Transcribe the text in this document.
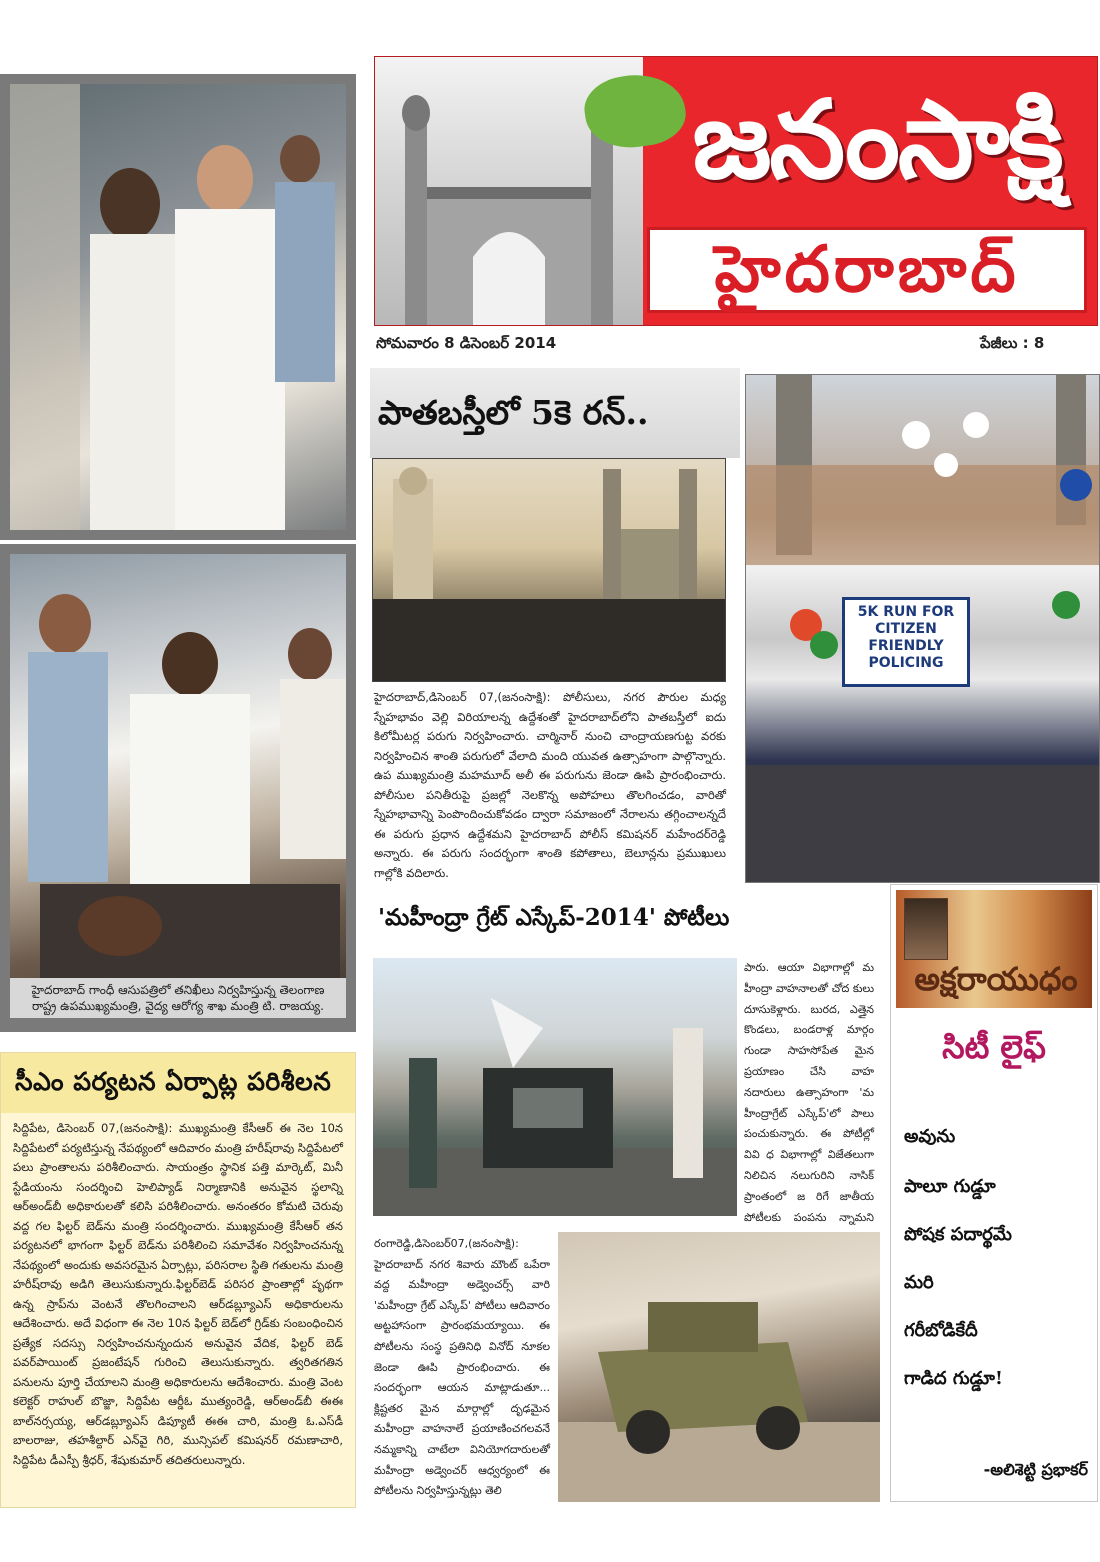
హైదరాబాద్ గాంధీ ఆసుపత్రిలో తనిఖీలు నిర్వహిస్తున్న తెలంగాణ రాష్ట్ర ఉపముఖ్యమంత్రి, వైద్య ఆరోగ్య శాఖ మంత్రి టి. రాజయ్య.
సీఎం పర్యటన ఏర్పాట్ల పరిశీలన
సిద్దిపేట, డిసెంబర్ 07,(జనంసాక్షి): ముఖ్యమంత్రి కేసీఆర్ ఈ నెల 10న సిద్దిపేటలో పర్యటిస్తున్న నేపథ్యంలో ఆదివారం మంత్రి హరీష్‌రావు సిద్దిపేటలో పలు ప్రాంతాలను పరిశీలించారు. సాయంత్రం స్థానిక పత్తి మార్కెట్, మినీ స్టేడియంను సందర్శించి హెలిప్యాడ్ నిర్మాణానికి అనువైన స్థలాన్ని ఆర్‌అండ్‌బీ అధికారులతో కలిసి పరిశీలించారు. అనంతరం కోమటి చెరువు వద్ద గల ఫిల్టర్ బెడ్‌ను మంత్రి సందర్శించారు. ముఖ్యమంత్రి కేసీఆర్ తన పర్యటనలో భాగంగా ఫిల్టర్ బెడ్‌ను పరిశీలించి సమావేశం నిర్వహించనున్న నేపథ్యంలో అందుకు అవసరమైన ఏర్పాట్లు, పరిసరాల స్థితి గతులను మంత్రి హరీష్‌రావు అడిగి తెలుసుకున్నారు.ఫిల్టర్‌బెడ్ పరిసర ప్రాంతాల్లో పృథగా ఉన్న స్రాప్‌ను వెంటనే తొలగించాలని ఆర్‌డబ్ల్యూఎస్ అధికారులను ఆదేశించారు. అదే విధంగా ఈ నెల 10న ఫిల్టర్ బెడ్‌లో గ్రిడ్‌కు సంబంధించిన ప్రత్యేక సదస్సు నిర్వహించనున్నందున అనువైన వేదిక, ఫిల్టర్ బెడ్ పవర్‌పాయింట్ ప్రజంటేషన్ గురించి తెలుసుకున్నారు. త్వరితగతిన పనులను పూర్తి చేయాలని మంత్రి అధికారులను ఆదేశించారు. మంత్రి వెంట కలెక్టర్ రాహుల్ బొజ్జా, సిద్దిపేట ఆర్డీఓ ముత్యంరెడ్డి, ఆర్‌అండ్‌బీ ఈఈ బాల్‌నర్సయ్య, ఆర్‌డబ్ల్యూఎస్ డిప్యూటీ ఈఈ చారి, మంత్రి ఓ.ఎస్‌డీ బాలరాజు, తహశీల్దార్ ఎన్‌వై గిరి, మున్సిపల్ కమిషనర్ రమణాచారి, సిద్దిపేట డీఎస్పీ శ్రీధర్, శేషుకుమార్ తదితరులున్నారు.
జనంసాక్షి
హైదరాబాద్
సోమవారం 8 డిసెంబర్ 2014	పేజీలు : 8
పాతబస్తీలో 5కె రన్..
హైదరాబాద్,డిసెంబర్ 07,(జనంసాక్షి): పోలీసులు, నగర పౌరుల మధ్య స్నేహభావం వెల్లి విరియాలన్న ఉద్దేశంతో హైదరాబాద్‌లోని పాతబస్తీలో ఐదు కిలోమీటర్ల పరుగు నిర్వహించారు. చార్మినార్ నుంచి చాంద్రాయణగుట్ట వరకు నిర్వహించిన శాంతి పరుగులో వేలాది మంది యువత ఉత్సాహంగా పాల్గొన్నారు. ఉప ముఖ్యమంత్రి మహమూద్ అలీ ఈ పరుగును జెండా ఊపి ప్రారంభించారు. పోలీసుల పనితీరుపై ప్రజల్లో నెలకొన్న అపోహలు తొలగించడం, వారితో స్నేహభావాన్ని పెంపొందించుకోవడం ద్వారా సమాజంలో నేరాలను తగ్గించాలన్నదే ఈ పరుగు ప్రధాన ఉద్దేశమని హైదరాబాద్ పోలీస్ కమిషనర్ మహేందర్‌రెడ్డి అన్నారు. ఈ పరుగు సందర్భంగా శాంతి కపోతాలు, బెలూన్లను ప్రముఖులు గాల్లోకి వదిలారు.
5K RUN FOR CITIZEN FRIENDLY POLICING
'మహీంద్రా గ్రేట్ ఎస్కేప్-2014' పోటీలు
పారు. ఆయా విభాగాల్లో మ హీంద్రా వాహనాలతో చోద కులు దూసుకెళ్లారు. బురద, ఎత్తైన కొండలు, బండరాళ్ల మార్గం గుండా సాహసోపేత మైన ప్రయాణం చేసి వాహ నదారులు ఉత్సాహంగా 'మ హీంద్రాగ్రేట్ ఎస్కేప్'లో పాలు పంచుకున్నారు. ఈ పోటీల్లో వివి ధ విభాగాల్లో విజేతలుగా నిలిచిన నలుగురిని నాసిక్ ప్రాంతంలో జ రిగే జాతీయ పోటీలకు పంపను న్నామని
రంగారెడ్డి,డిసెంబర్07,(జనంసాక్షి): హైదరాబాద్ నగర శివారు మౌంట్ ఒపేరా వద్ద మహీంద్రా అడ్వెంచర్స్ వారి 'మహీంద్రా గ్రేట్ ఎస్కేప్' పోటీలు ఆదివారం అట్టహాసంగా ప్రారంభమయ్యాయి. ఈ పోటీలను సంస్థ ప్రతినిధి వినోద్ నూకల జెండా ఊపి ప్రారంభించారు. ఈ సందర్భంగా ఆయన మాట్లాడుతూ... క్లిష్టతర మైన మార్గాల్లో దృఢమైన మహీంద్రా వాహనాలే ప్రయాణించగలవనే నమ్మకాన్ని చాటేలా వినియోగదారులతో మహీంద్రా అడ్వెంచర్ ఆధ్వర్యంలో ఈ పోటీలను నిర్వహిస్తున్నట్లు తెలి
అక్షరాయుధం
సిటీ లైఫ్
అవును
పాలూ గుడ్డూ
పోషక పదార్థమే
మరి
గరీబోడికేదీ
గాడిద గుడ్డూ!
-అలిశెట్టి ప్రభాకర్
